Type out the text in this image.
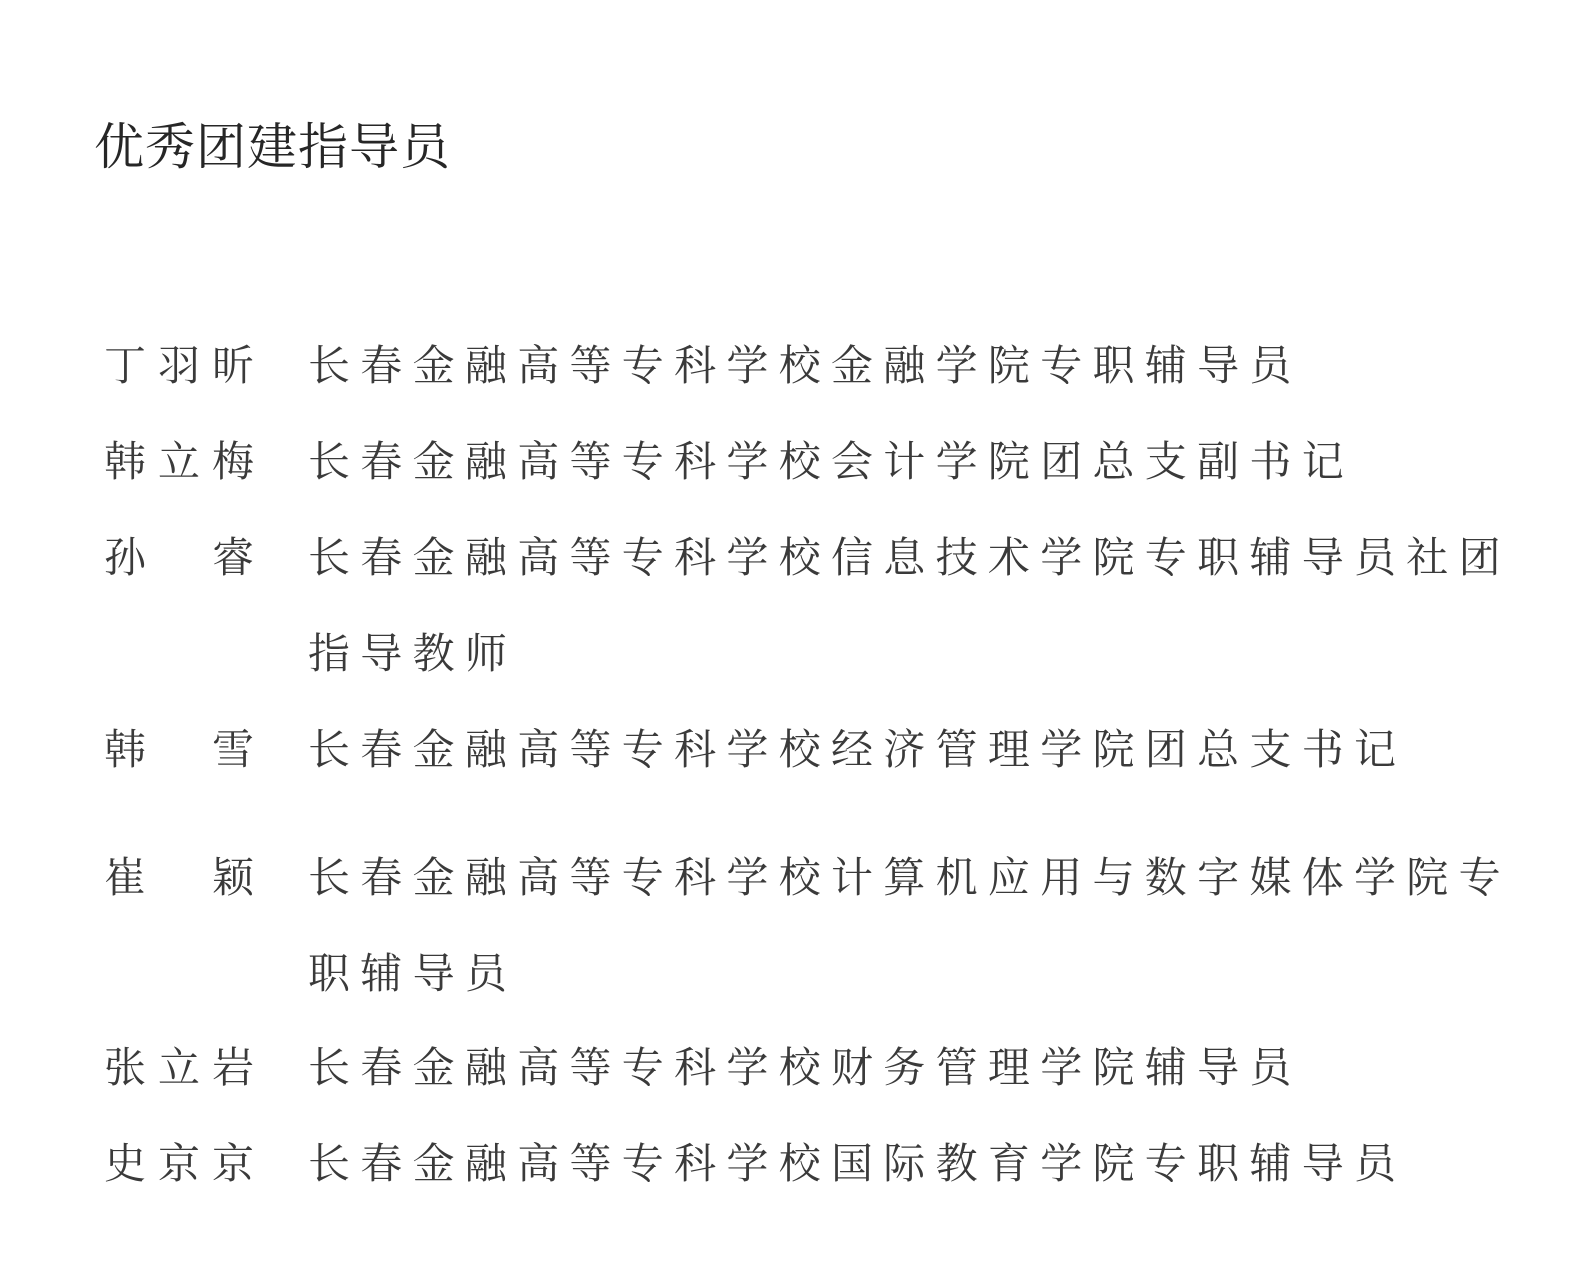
优秀团建指导员
丁 羽 昕 长春金融高等专科学校金融学院专职辅导员
韩 立 梅 长春金融高等专科学校会计学院团总支副书记
孙 睿 长春金融高等专科学校信息技术学院专职辅导员社团指导教师
韩 雪 长春金融高等专科学校经济管理学院团总支书记
崔 颖 长春金融高等专科学校计算机应用与数字媒体学院专职辅导员
张 立 岩 长春金融高等专科学校财务管理学院辅导员
史 京 京 长春金融高等专科学校国际教育学院专职辅导员
